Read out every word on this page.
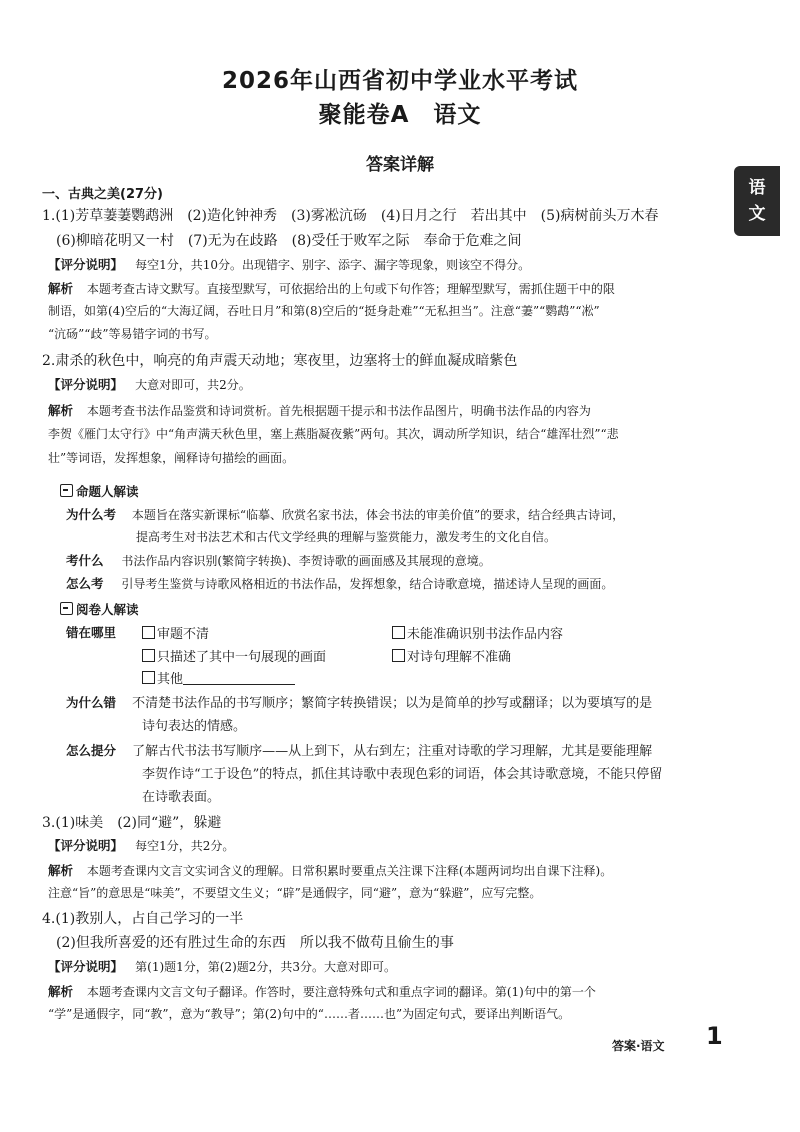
2026年山西省初中学业水平考试
聚能卷A　语文
答案详解
语
文
一、古典之美(27分)
1.(1)芳草萋萋鹦鹉洲　(2)造化钟神秀　(3)雾凇沆砀　(4)日月之行　若出其中　(5)病树前头万木春
(6)柳暗花明又一村　(7)无为在歧路　(8)受任于败军之际　奉命于危难之间
【评分说明】 每空1分，共10分。出现错字、别字、添字、漏字等现象，则该空不得分。
解析 本题考查古诗文默写。直接型默写，可依据给出的上句或下句作答；理解型默写，需抓住题干中的限
制语，如第(4)空后的“大海辽阔，吞吐日月”和第(8)空后的“挺身赴难”“无私担当”。注意“萋”“鹦鹉”“凇”
“沆砀”“歧”等易错字词的书写。
2.肃杀的秋色中，响亮的角声震天动地；寒夜里，边塞将士的鲜血凝成暗紫色
【评分说明】 大意对即可，共2分。
解析 本题考查书法作品鉴赏和诗词赏析。首先根据题干提示和书法作品图片，明确书法作品的内容为
李贺《雁门太守行》中“角声满天秋色里，塞上燕脂凝夜紫”两句。其次，调动所学知识，结合“雄浑壮烈”“悲
壮”等词语，发挥想象，阐释诗句描绘的画面。
命题人解读
为什么考 本题旨在落实新课标“临摹、欣赏名家书法，体会书法的审美价值”的要求，结合经典古诗词，
提高考生对书法艺术和古代文学经典的理解与鉴赏能力，激发考生的文化自信。
考什么 书法作品内容识别(繁简字转换)、李贺诗歌的画面感及其展现的意境。
怎么考 引导考生鉴赏与诗歌风格相近的书法作品，发挥想象，结合诗歌意境，描述诗人呈现的画面。
阅卷人解读
错在哪里	审题不清	未能准确识别书法作品内容
只描述了其中一句展现的画面	对诗句理解不准确
其他
为什么错 不清楚书法作品的书写顺序；繁简字转换错误；以为是简单的抄写或翻译；以为要填写的是
诗句表达的情感。
怎么提分 了解古代书法书写顺序——从上到下，从右到左；注重对诗歌的学习理解，尤其是要能理解
李贺作诗“工于设色”的特点，抓住其诗歌中表现色彩的词语，体会其诗歌意境，不能只停留
在诗歌表面。
3.(1)味美　(2)同“避”，躲避
【评分说明】 每空1分，共2分。
解析 本题考查课内文言文实词含义的理解。日常积累时要重点关注课下注释(本题两词均出自课下注释)。
注意“旨”的意思是“味美”，不要望文生义；“辟”是通假字，同“避”，意为“躲避”，应写完整。
4.(1)教别人，占自己学习的一半
(2)但我所喜爱的还有胜过生命的东西　所以我不做苟且偷生的事
【评分说明】 第(1)题1分，第(2)题2分，共3分。大意对即可。
解析 本题考查课内文言文句子翻译。作答时，要注意特殊句式和重点字词的翻译。第(1)句中的第一个
“学”是通假字，同“教”，意为“教导”；第(2)句中的“……者……也”为固定句式，要译出判断语气。
答案·语文 1
